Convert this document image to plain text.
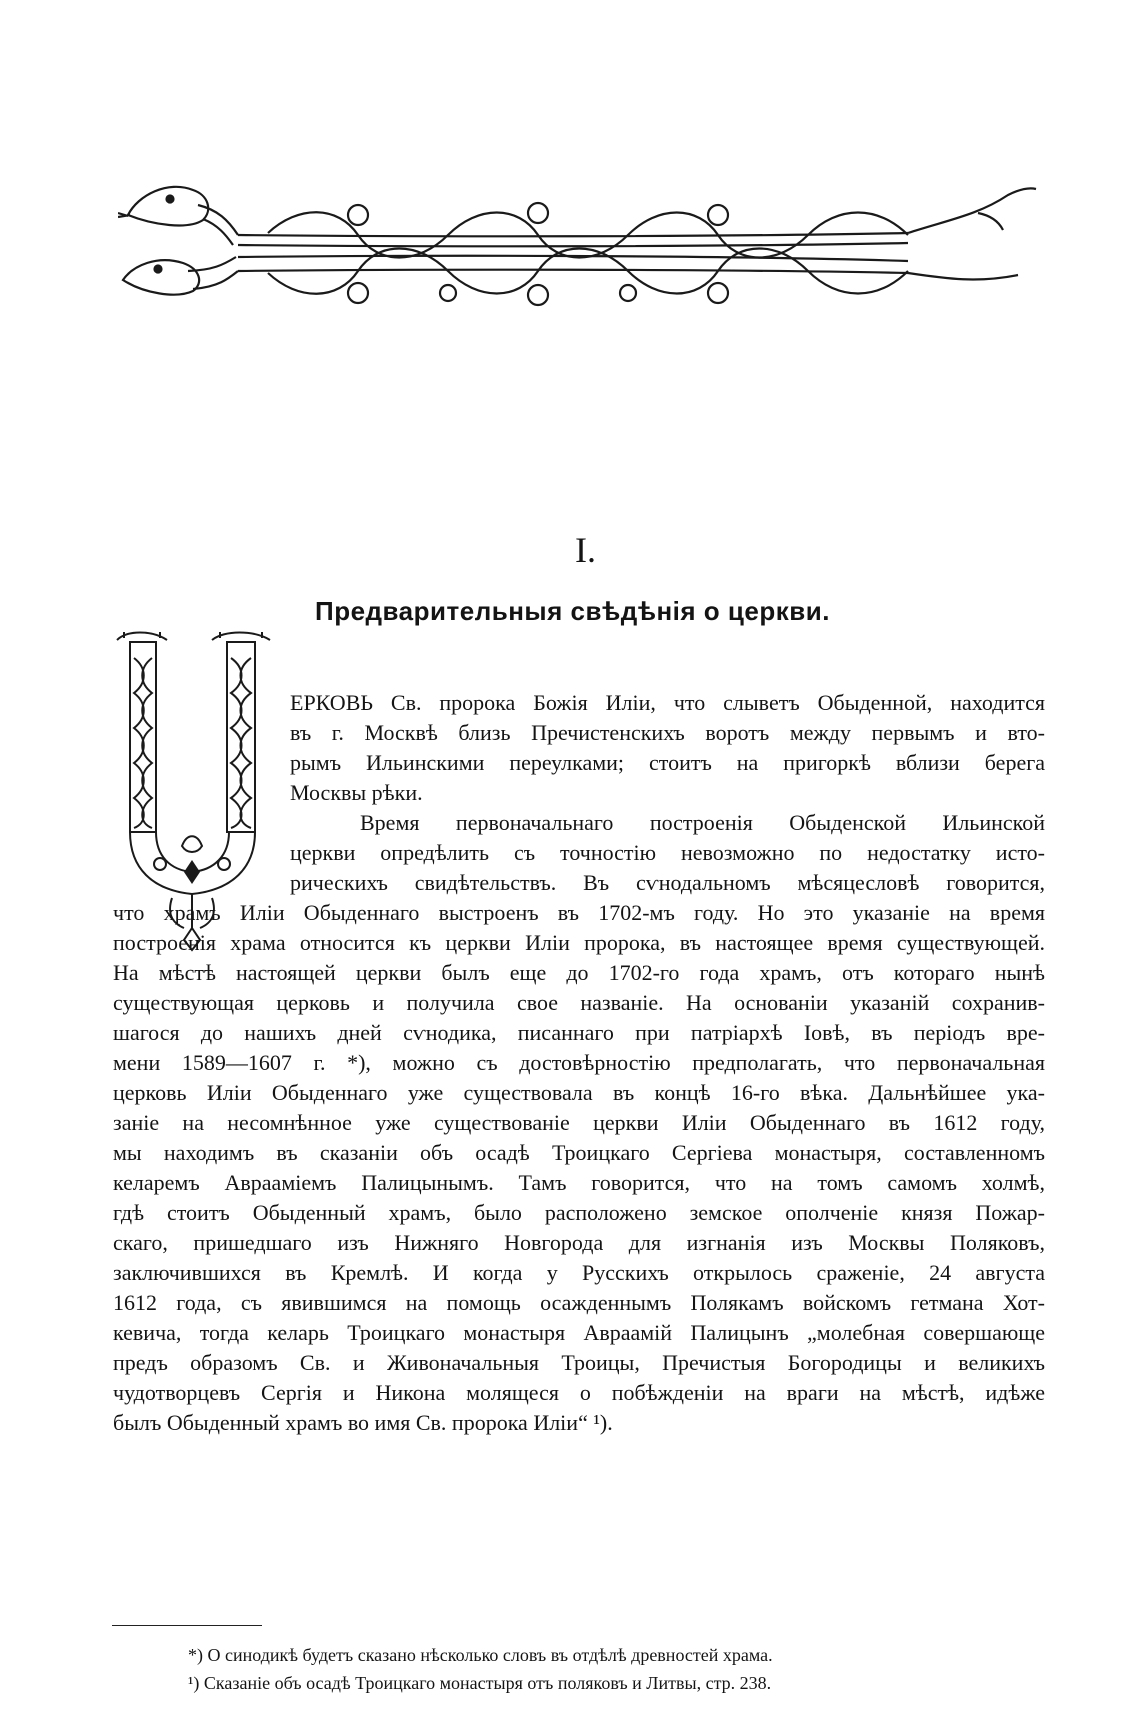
I.
Предварительныя свѣдѣнія о церкви.

ЕРКОВЬ Св. пророка Божія Иліи, что слыветъ Обыденной, находится

въ г. Москвѣ близь Пречистенскихъ воротъ между первымъ и вто-

рымъ Ильинскими переулками; стоитъ на пригоркѣ вблизи берега

Москвы рѣки.

Время первоначальнаго построенія Обыденской Ильинской

церкви опредѣлить съ точностію невозможно по недостатку исто-

рическихъ свидѣтельствъ. Въ сѵнодальномъ мѣсяцесловѣ говорится,

что храмъ Иліи Обыденнаго выстроенъ въ 1702-мъ году. Но это указаніе на время

построенія храма относится къ церкви Иліи пророка, въ настоящее время существующей.

На мѣстѣ настоящей церкви былъ еще до 1702-го года храмъ, отъ котораго нынѣ

существующая церковь и получила свое названіе. На основаніи указаній сохранив-

шагося до нашихъ дней сѵнодика, писаннаго при патріархѣ Іовѣ, въ періодъ вре-

мени 1589—1607 г. *), можно съ достовѣрностію предполагать, что первоначальная

церковь Иліи Обыденнаго уже существовала въ концѣ 16-го вѣка. Дальнѣйшее ука-

заніе на несомнѣнное уже существованіе церкви Иліи Обыденнаго въ 1612 году,

мы находимъ въ сказаніи объ осадѣ Троицкаго Сергіева монастыря, составленномъ

келаремъ Авраамiемъ Палицынымъ. Тамъ говорится, что на томъ самомъ холмѣ,

гдѣ стоитъ Обыденный храмъ, было расположено земское ополченіе князя Пожар-

скаго, пришедшаго изъ Нижняго Новгорода для изгнанія изъ Москвы Поляковъ,

заключившихся въ Кремлѣ. И когда у Русскихъ открылось сраженіе, 24 августа

1612 года, съ явившимся на помощь осажденнымъ Полякамъ войскомъ гетмана Хот-

кевича, тогда келарь Троицкаго монастыря Авраамій Палицынъ „молебная совершающе

предъ образомъ Св. и Живоначальныя Троицы, Пречистыя Богородицы и великихъ

чудотворцевъ Сергія и Никона молящеся о побѣжденіи на враги на мѣстѣ, идѣже

былъ Обыденный храмъ во имя Св. пророка Иліи“ ¹).

*) О синодикѣ будетъ сказано нѣсколько словъ въ отдѣлѣ древностей храма.
¹) Сказаніе объ осадѣ Троицкаго монастыря отъ поляковъ и Литвы, стр. 238.
